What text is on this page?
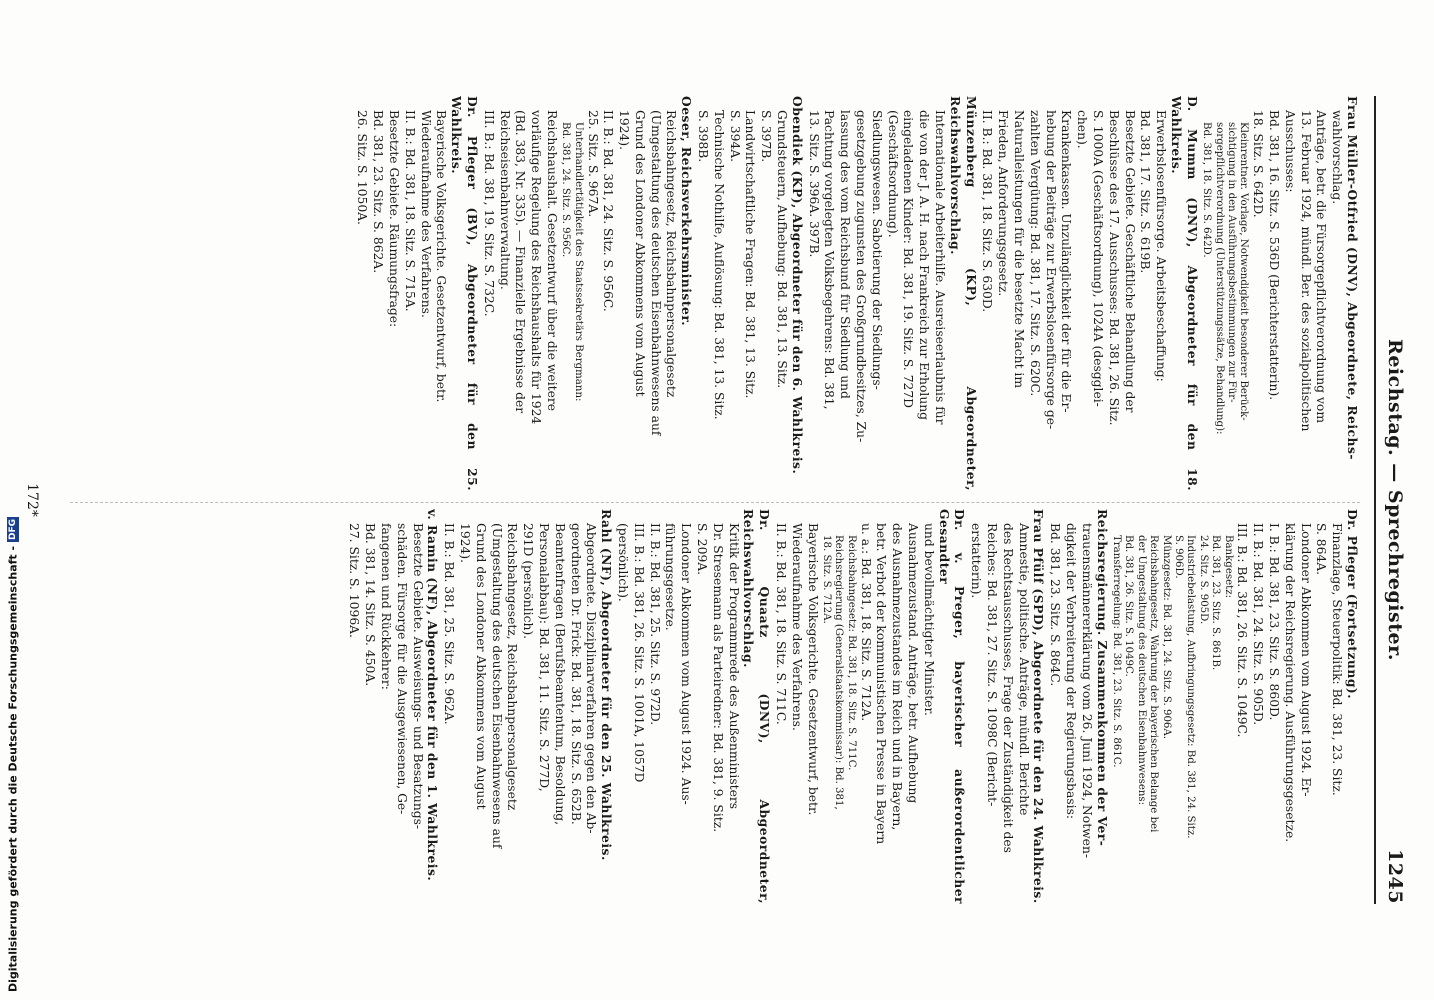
Reichstag. — Sprechregister.
1245

Frau Müller-Otfried (DNV), Abgeordnete, Reichs-

wahlvorschlag.

Anträge, betr. die Fürsorgepflichtverordnung vom

13. Februar 1924, mündl. Ber. des sozialpolitischen

Ausschusses:

Bd. 381, 16. Sitz. S. 536D (Berichterstatterin).

18. Sitz. S. 642D.

Kleinrentner. Vorlage, Notwendigkeit besonderer Berück-

sichtigung in den Ausführungsbestimmungen zur Für-

sorgepflichtverordnung (Unterstützungssätze, Behandlung):

Bd. 381, 18. Sitz. S. 642D.

D. Mumm (DNV), Abgeordneter für den 18. Wahlkreis.

Erwerbslosenfürsorge. Arbeitsbeschaffung:

Bd. 381, 17. Sitz. S. 619B.

Besetzte Gebiete. Geschäftliche Behandlung der

Beschlüsse des 17. Ausschusses: Bd. 381, 26. Sitz.

S. 1000A (Geschäftsordnung), 1024A (desgglei-

chen).

Krankenkassen. Unzulänglichkeit der für die Er-

hebung der Beiträge zur Erwerbslosenfürsorge ge-

zahlten Vergütung: Bd. 381, 17. Sitz. S. 620C.

Naturalleistungen für die besetzte Macht im

Frieden, Anforderungsgesetz.

II. B.: Bd. 381, 18. Sitz. S. 630D.

Münzenberg (KP), Abgeordneter, Reichswahlvorschlag.

Internationale Arbeiterhilfe. Ausreiseerlaubnis für

die von der J. A. H. nach Frankreich zur Erholung

eingeladenen Kinder: Bd. 381, 19. Sitz. S. 727D

(Geschäftsordnung).

Siedlungswesen. Sabotierung der Siedlungs-

gesetzgebung zugunsten des Großgrundbesitzes, Zu-

lassung des vom Reichsbund für Siedlung und

Pachtung vorgelegten Volksbegehrens: Bd. 381,

13. Sitz. S. 396A. 397B.

Obendiek (KP), Abgeordneter für den 6. Wahlkreis.

Grundsteuern, Aufhebung: Bd. 381, 13. Sitz.

S. 397B.

Landwirtschaftliche Fragen: Bd. 381, 13. Sitz.

S. 394A.

Technische Nothilfe, Auflösung: Bd. 381, 13. Sitz.

S. 398B.

Oeser, Reichsverkehrsminister.

Reichsbahngesetz, Reichsbahnpersonalgesetz

(Umgestaltung des deutschen Eisenbahnwesens auf

Grund des Londoner Abkommens vom August

1924).

II. B.: Bd. 381, 24. Sitz. S. 956C.

25. Sitz. S. 967A.

Unterhandlertätigkeit des Staatssekretärs Bergmann:

Bd. 381, 24. Sitz. S. 956C.

Reichshaushalt. Gesetzentwurf über die weitere

vorläufige Regelung des Reichshaushalts für 1924

(Bd. 383, Nr. 335). — Finanzielle Ergebnisse der

Reichseisenbahnverwaltung.

III. B.: Bd. 381, 19. Sitz. S. 732C.

Dr. Pfleger (BV), Abgeordneter für den 25. Wahlkreis.

Bayerische Volksgerichte. Gesetzentwurf, betr.

Wiederaufnahme des Verfahrens.

II. B.: Bd. 381, 18. Sitz. S. 715A.

Besetzte Gebiete. Räumungsfrage:

Bd. 381, 23. Sitz. S. 862A.

26. Sitz. S. 1050A.

Dr. Pfleger (Fortsetzung).

Finanzlage, Steuerpolitik: Bd. 381, 23. Sitz.

S. 864A.

Londoner Abkommen vom August 1924. Er-

klärung der Reichsregierung. Ausführungsgesetze.

I. B.: Bd. 381, 23. Sitz. S. 860D.

II. B.: Bd. 381, 24. Sitz. S. 905D.

III. B.: Bd. 381, 26. Sitz. S. 1049C.

Bankgesetz:

Bd. 381, 23. Sitz. S. 861B.

24. Sitz. S. 905D.

Industriebelastung, Aufbringungsgesetz: Bd. 381, 24. Sitz.

S. 906D.

Münzgesetz: Bd. 381, 24. Sitz. S. 906A.

Reichsbahngesetz, Wahrung der bayerischen Belange bei

der Umgestaltung des deutschen Eisenbahnwesens:

Bd. 381, 26. Sitz. S. 1049C.

Transferregelung: Bd. 381, 23. Sitz. S. 861C.

Reichsregierung. Zusammenkommen der Ver-

trauensmännererklärung vom 26. Juni 1924, Notwen-

digkeit der Verbreiterung der Regierungsbasis:

Bd. 381, 23. Sitz. S. 864C.

Frau Pfülf (SPD), Abgeordnete für den 24. Wahlkreis.

Amnestie, politische. Anträge, mündl. Berichte

des Rechtsausschusses, Frage der Zuständigkeit des

Reiches: Bd. 381, 27. Sitz. S. 1098C (Bericht-

erstatterin).

Dr. v. Preger, bayerischer außerordentlicher Gesandter

und bevollmächtigter Minister.

Ausnahmezustand. Anträge, betr. Aufhebung

des Ausnahmezustandes im Reich und in Bayern,

betr. Verbot der kommunistischen Presse in Bayern

u. a.: Bd. 381, 18. Sitz. S. 712A.

Reichsbahngesetz: Bd. 381, 18. Sitz. S. 711C.

Reichsregierung (Generalstaatskommissar): Bd. 381,

18. Sitz. S. 712A.

Bayerische Volksgerichte. Gesetzentwurf, betr.

Wiederaufnahme des Verfahrens.

II. B.: Bd. 381, 18. Sitz. S. 711C.

Dr. Quaatz (DNV), Abgeordneter, Reichswahlvorschlag.

Kritik der Programmrede des Außenministers

Dr. Stresemann als Parteiredner: Bd. 381, 9. Sitz.

S. 209A.

Londoner Abkommen vom August 1924. Aus-

führungsgesetze.

II. B.: Bd. 381, 25. Sitz. S. 972D.

III. B.: Bd. 381, 26. Sitz. S. 1001A, 1057D

(persönlich).

Rahl (NF), Abgeordneter für den 25. Wahlkreis.

Abgeordnete. Disziplinarverfahren gegen den Ab-

geordneten Dr. Frick: Bd. 381, 18. Sitz. S. 652B.

Beamtenfragen (Berufsbeamtentum, Besoldung,

Personalabbau): Bd. 381, 11. Sitz. S. 277D,

291D (persönlich).

Reichsbahngesetz, Reichsbahnpersonalgesetz

(Umgestaltung des deutschen Eisenbahnwesens auf

Grund des Londoner Abkommens vom August

1924).

II. B.: Bd. 381, 25. Sitz. S. 962A.

v. Ramin (NF), Abgeordneter für den 1. Wahlkreis.

Besetzte Gebiete. Ausweisungs- und Besatzungs-

schäden. Fürsorge für die Ausgewiesenen, Ge-

fangenen und Rückkehrer:

Bd. 381, 14. Sitz. S. 450A.

27. Sitz. S. 1096A.

172*
Digitalisierung gefördert durch die Deutsche Forschungsgemeinschaft -
DFG
